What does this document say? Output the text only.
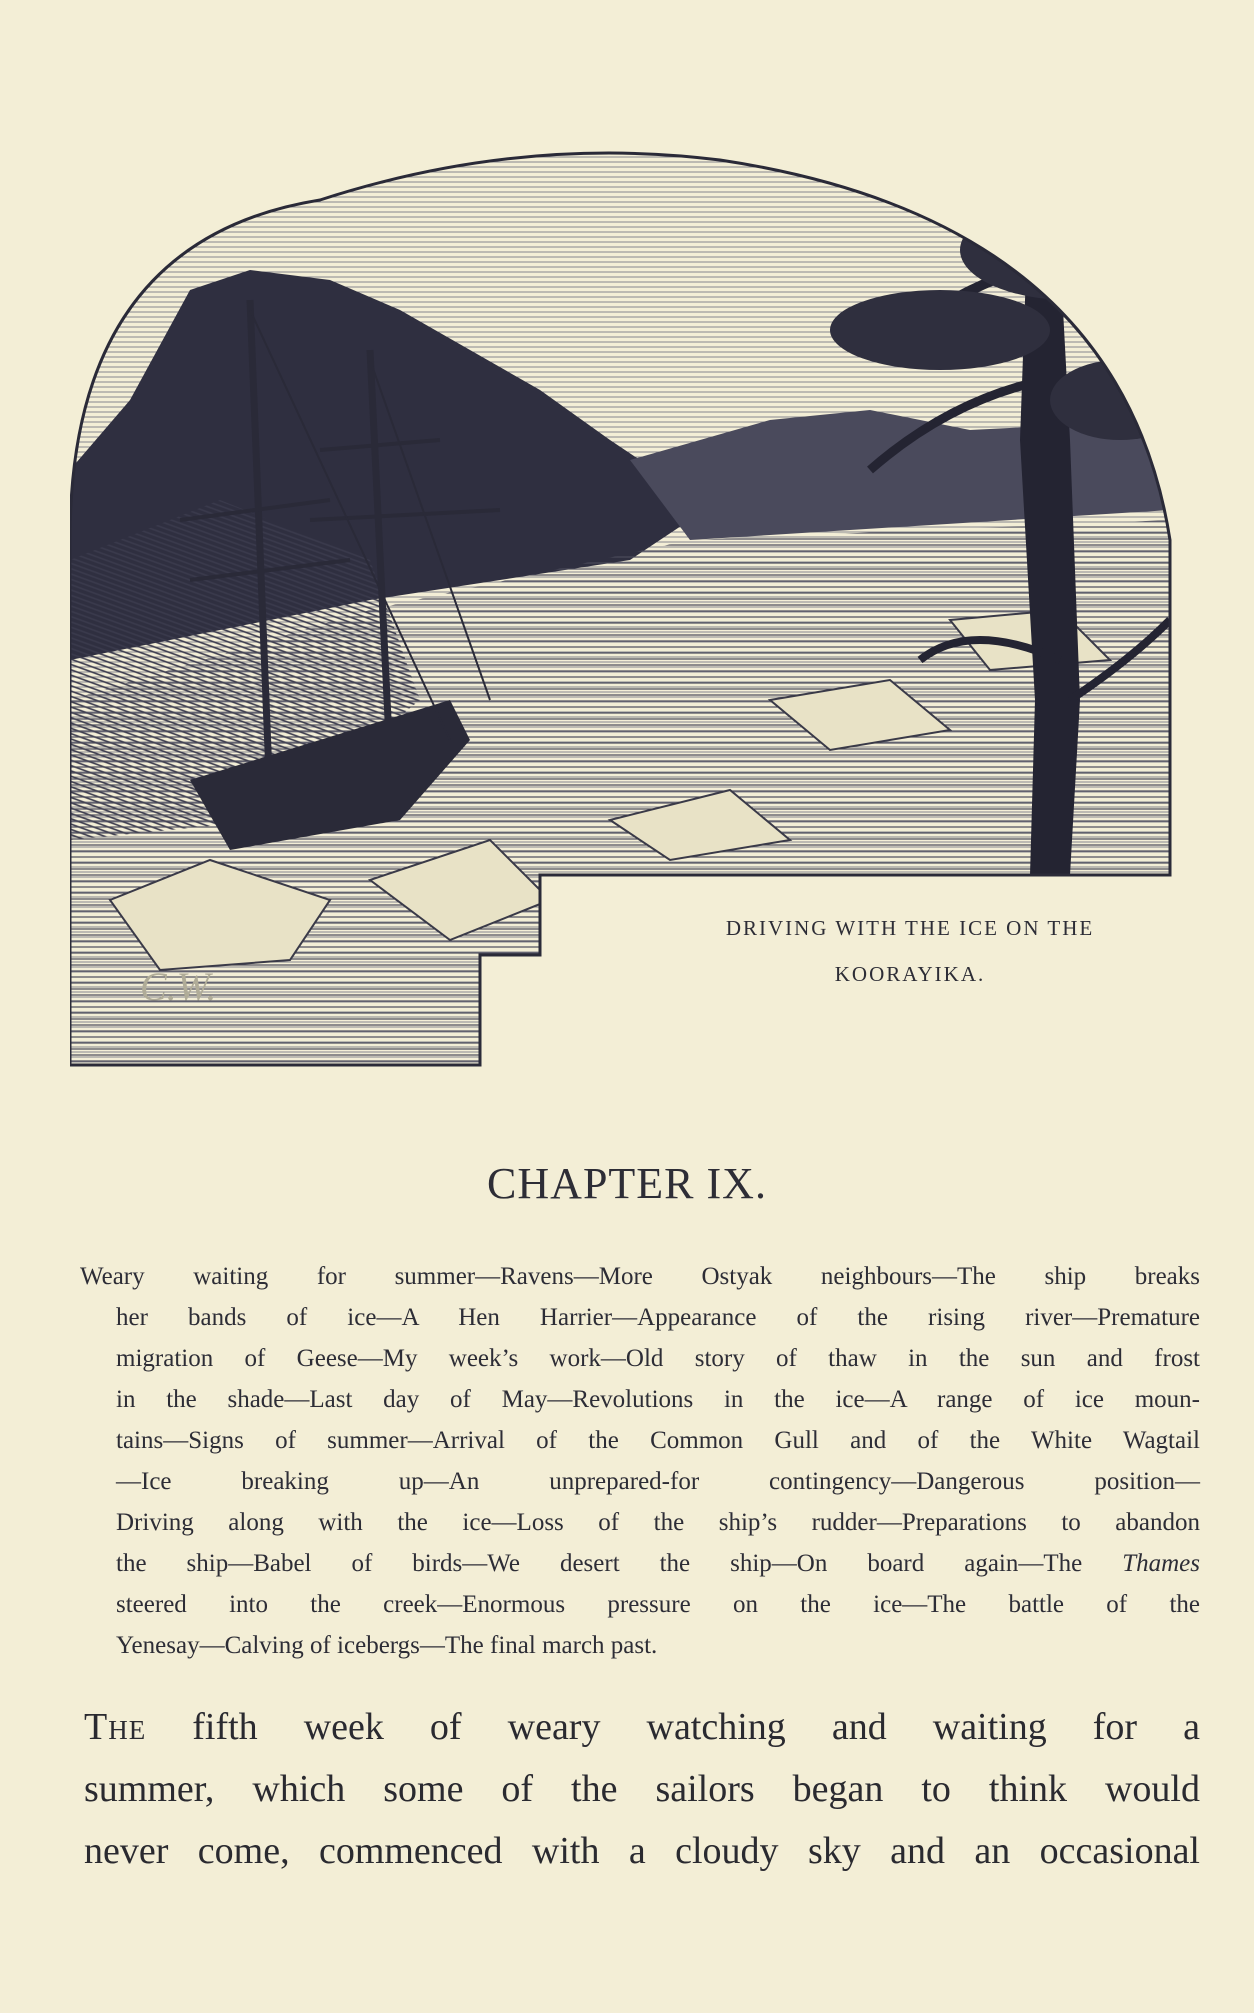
C.W.
DRIVING WITH THE ICE ON THE
KOORAYIKA.
CHAPTER IX.
Weary waiting for summer—Ravens—More Ostyak neighbours—The ship breaks
her bands of ice—A Hen Harrier—Appearance of the rising river—Premature
migration of Geese—My week’s work—Old story of thaw in the sun and frost
in the shade—Last day of May—Revolutions in the ice—A range of ice moun-
tains—Signs of summer—Arrival of the Common Gull and of the White Wagtail
—Ice breaking up—An unprepared-for contingency—Dangerous position—
Driving along with the ice—Loss of the ship’s rudder—Preparations to abandon
the ship—Babel of birds—We desert the ship—On board again—The Thames
steered into the creek—Enormous pressure on the ice—The battle of the
Yenesay—Calving of icebergs—The final march past.
The fifth week of weary watching and waiting for a
summer, which some of the sailors began to think would
never come, commenced with a cloudy sky and an occasional
